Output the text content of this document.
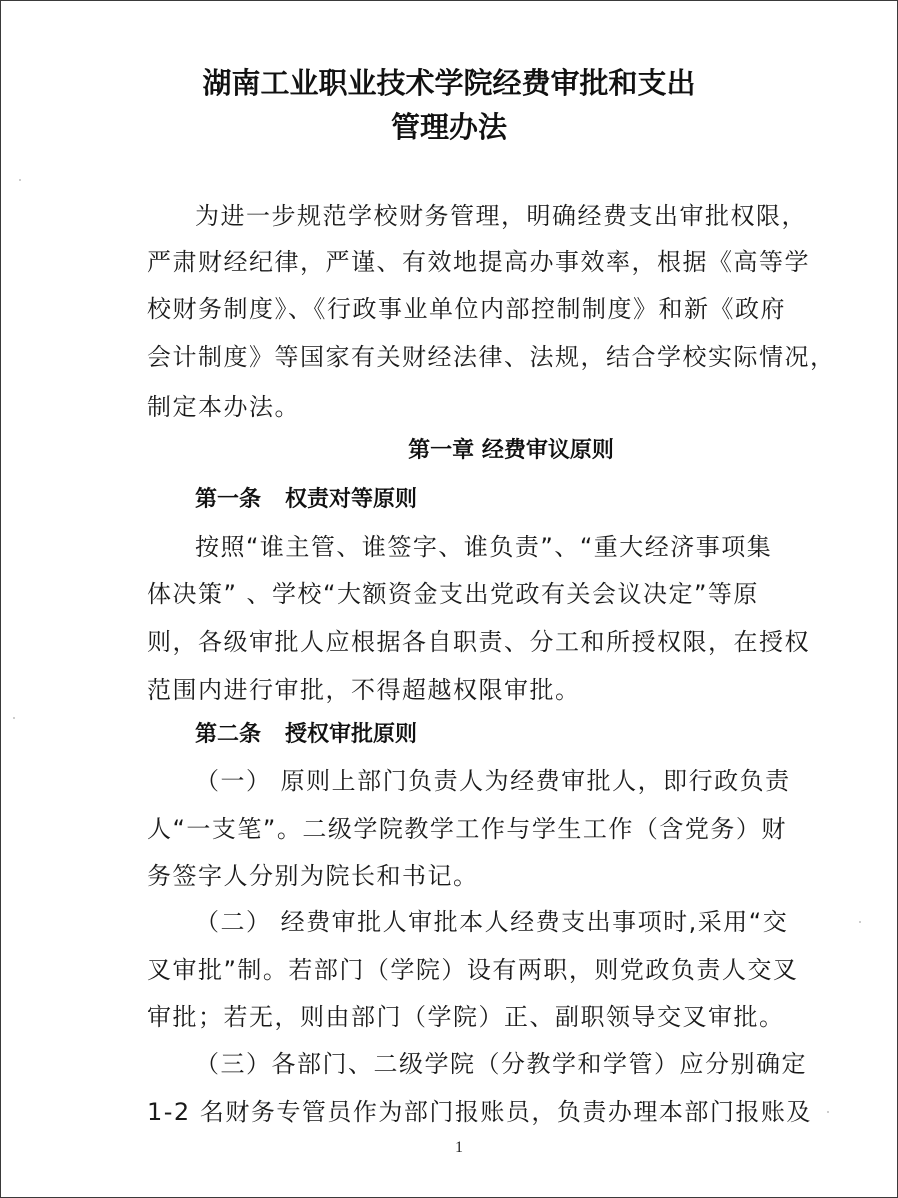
湖南工业职业技术学院经费审批和支出
管理办法
为进一步规范学校财务管理，明确经费支出审批权限，
严肃财经纪律，严谨、有效地提高办事效率，根据《高等学
校财务制度》、《行政事业单位内部控制制度》和新《政府
会计制度》等国家有关财经法律、法规，结合学校实际情况，
制定本办法。
第一章 经费审议原则
第一条 权责对等原则
按照“谁主管、谁签字、谁负责”、“重大经济事项集
体决策” 、学校“大额资金支出党政有关会议决定”等原
则，各级审批人应根据各自职责、分工和所授权限，在授权
范围内进行审批，不得超越权限审批。
第二条 授权审批原则
（一） 原则上部门负责人为经费审批人，即行政负责
人“一支笔”。二级学院教学工作与学生工作（含党务）财
务签字人分别为院长和书记。
（二） 经费审批人审批本人经费支出事项时,采用“交
叉审批”制。若部门（学院）设有两职，则党政负责人交叉
审批；若无，则由部门（学院）正、副职领导交叉审批。
（三）各部门、二级学院（分教学和学管）应分别确定
1-2 名财务专管员作为部门报账员，负责办理本部门报账及
1
